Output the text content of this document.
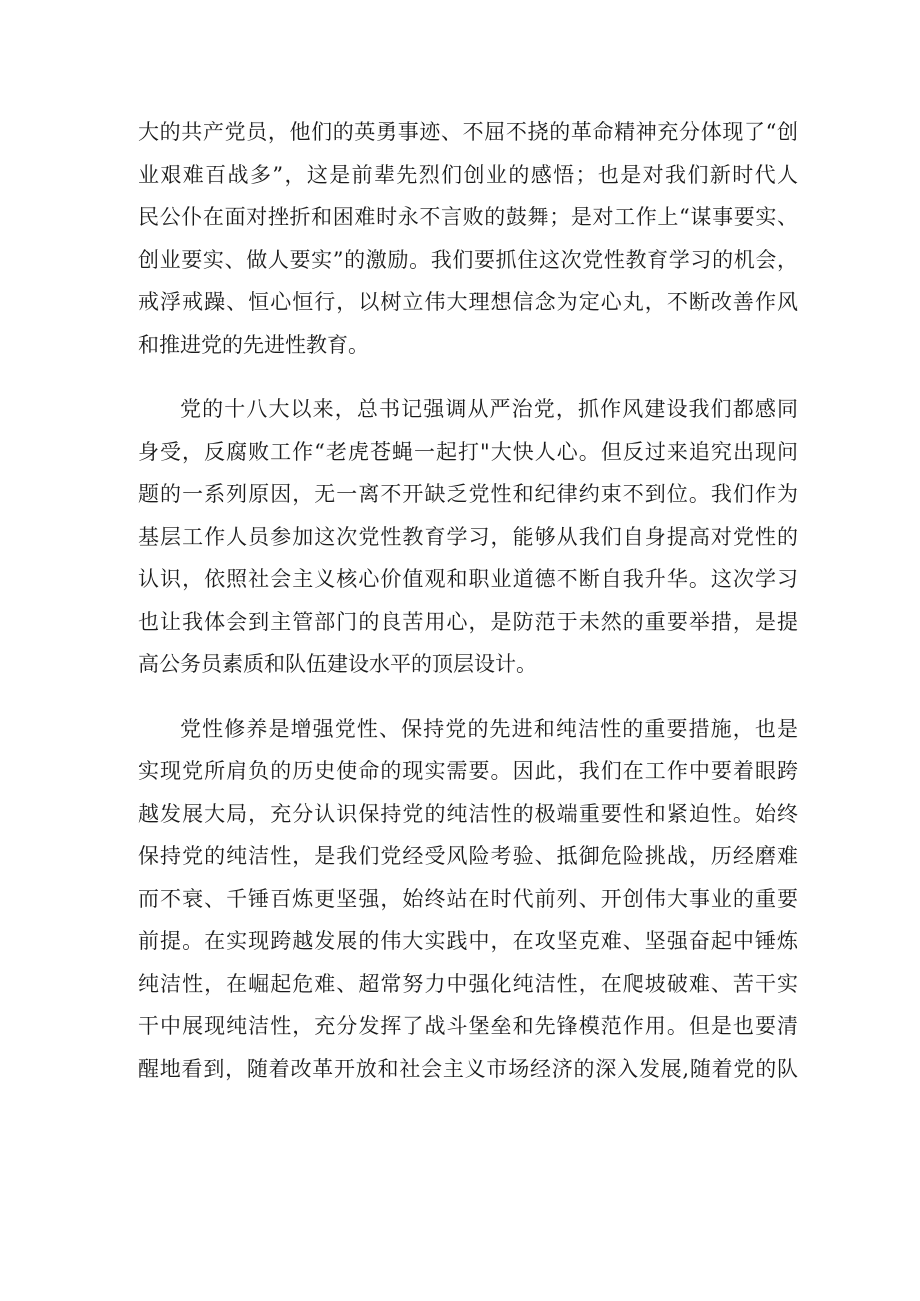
大的共产党员，他们的英勇事迹、不屈不挠的革命精神充分体现了“创
业艰难百战多”，这是前辈先烈们创业的感悟；也是对我们新时代人
民公仆在面对挫折和困难时永不言败的鼓舞；是对工作上“谋事要实、
创业要实、做人要实”的激励。我们要抓住这次党性教育学习的机会，
戒浮戒躁、恒心恒行，以树立伟大理想信念为定心丸，不断改善作风
和推进党的先进性教育。
党的十八大以来，总书记强调从严治党，抓作风建设我们都感同
身受，反腐败工作“老虎苍蝇一起打"大快人心。但反过来追究出现问
题的一系列原因，无一离不开缺乏党性和纪律约束不到位。我们作为
基层工作人员参加这次党性教育学习，能够从我们自身提高对党性的
认识，依照社会主义核心价值观和职业道德不断自我升华。这次学习
也让我体会到主管部门的良苦用心，是防范于未然的重要举措，是提
高公务员素质和队伍建设水平的顶层设计。
党性修养是增强党性、保持党的先进和纯洁性的重要措施，也是
实现党所肩负的历史使命的现实需要。因此，我们在工作中要着眼跨
越发展大局，充分认识保持党的纯洁性的极端重要性和紧迫性。始终
保持党的纯洁性，是我们党经受风险考验、抵御危险挑战，历经磨难
而不衰、千锤百炼更坚强，始终站在时代前列、开创伟大事业的重要
前提。在实现跨越发展的伟大实践中，在攻坚克难、坚强奋起中锤炼
纯洁性，在崛起危难、超常努力中强化纯洁性，在爬坡破难、苦干实
干中展现纯洁性，充分发挥了战斗堡垒和先锋模范作用。但是也要清
醒地看到，随着改革开放和社会主义市场经济的深入发展,随着党的队
